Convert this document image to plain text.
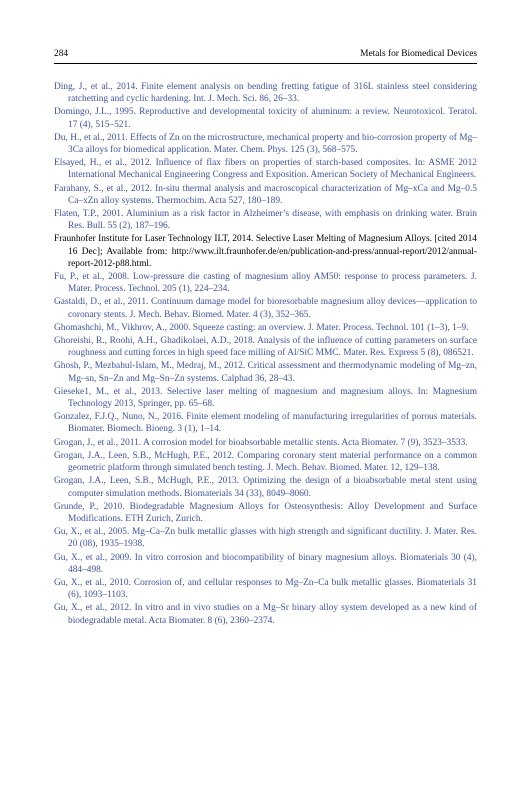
284	Metals for Biomedical Devices
Ding, J., et al., 2014. Finite element analysis on bending fretting fatigue of 316L stainless steel considering ratchetting and cyclic hardening. Int. J. Mech. Sci. 86, 26–33.
Domingo, J.L., 1995. Reproductive and developmental toxicity of aluminum: a review. Neurotoxicol. Teratol. 17 (4), 515–521.
Du, H., et al., 2011. Effects of Zn on the microstructure, mechanical property and bio-corrosion property of Mg–3Ca alloys for biomedical application. Mater. Chem. Phys. 125 (3), 568–575.
Elsayed, H., et al., 2012. Influence of flax fibers on properties of starch-based composites. In: ASME 2012 International Mechanical Engineering Congress and Exposition. American Society of Mechanical Engineers.
Farahany, S., et al., 2012. In-situ thermal analysis and macroscopical characterization of Mg–xCa and Mg–0.5 Ca–xZn alloy systems. Thermochim. Acta 527, 180–189.
Flaten, T.P., 2001. Aluminium as a risk factor in Alzheimer’s disease, with emphasis on drinking water. Brain Res. Bull. 55 (2), 187–196.
Fraunhofer Institute for Laser Technology ILT, 2014. Selective Laser Melting of Magnesium Alloys. [cited 2014 16 Dec]; Available from: http://www.ilt.fraunhofer.de/en/publication-and-press/annual-report/2012/annual-report-2012-p88.html.
Fu, P., et al., 2008. Low-pressure die casting of magnesium alloy AM50: response to process parameters. J. Mater. Process. Technol. 205 (1), 224–234.
Gastaldi, D., et al., 2011. Continuum damage model for bioresorbable magnesium alloy devices—application to coronary stents. J. Mech. Behav. Biomed. Mater. 4 (3), 352–365.
Ghomashchi, M., Vikhrov, A., 2000. Squeeze casting: an overview. J. Mater. Process. Technol. 101 (1–3), 1–9.
Ghoreishi, R., Roohi, A.H., Ghadikolaei, A.D., 2018. Analysis of the influence of cutting parameters on surface roughness and cutting forces in high speed face milling of Al/SiC MMC. Mater. Res. Express 5 (8), 086521.
Ghosh, P., Mezbahul-Islam, M., Medraj, M., 2012. Critical assessment and thermodynamic modeling of Mg–zn, Mg–sn, Sn–Zn and Mg–Sn–Zn systems. Calphad 36, 28–43.
Gieseke1, M., et al., 2013. Selective laser melting of magnesium and magnesium alloys. In: Magnesium Technology 2013, Springer, pp. 65–68.
Gonzalez, F.J.Q., Nuno, N., 2016. Finite element modeling of manufacturing irregularities of porous materials. Biomater. Biomech. Bioeng. 3 (1), 1–14.
Grogan, J., et al., 2011. A corrosion model for bioabsorbable metallic stents. Acta Biomater. 7 (9), 3523–3533.
Grogan, J.A., Leen, S.B., McHugh, P.E., 2012. Comparing coronary stent material performance on a common geometric platform through simulated bench testing. J. Mech. Behav. Biomed. Mater. 12, 129–138.
Grogan, J.A., Leen, S.B., McHugh, P.E., 2013. Optimizing the design of a bioabsorbable metal stent using computer simulation methods. Biomaterials 34 (33), 8049–8060.
Grunde, P., 2010. Biodegradable Magnesium Alloys for Osteosynthesis: Alloy Development and Surface Modifications. ETH Zurich, Zurich.
Gu, X., et al., 2005. Mg–Ca–Zn bulk metallic glasses with high strength and significant ductility. J. Mater. Res. 20 (08), 1935–1938.
Gu, X., et al., 2009. In vitro corrosion and biocompatibility of binary magnesium alloys. Biomaterials 30 (4), 484–498.
Gu, X., et al., 2010. Corrosion of, and cellular responses to Mg–Zn–Ca bulk metallic glasses. Biomaterials 31 (6), 1093–1103.
Gu, X., et al., 2012. In vitro and in vivo studies on a Mg–Sr binary alloy system developed as a new kind of biodegradable metal. Acta Biomater. 8 (6), 2360–2374.
